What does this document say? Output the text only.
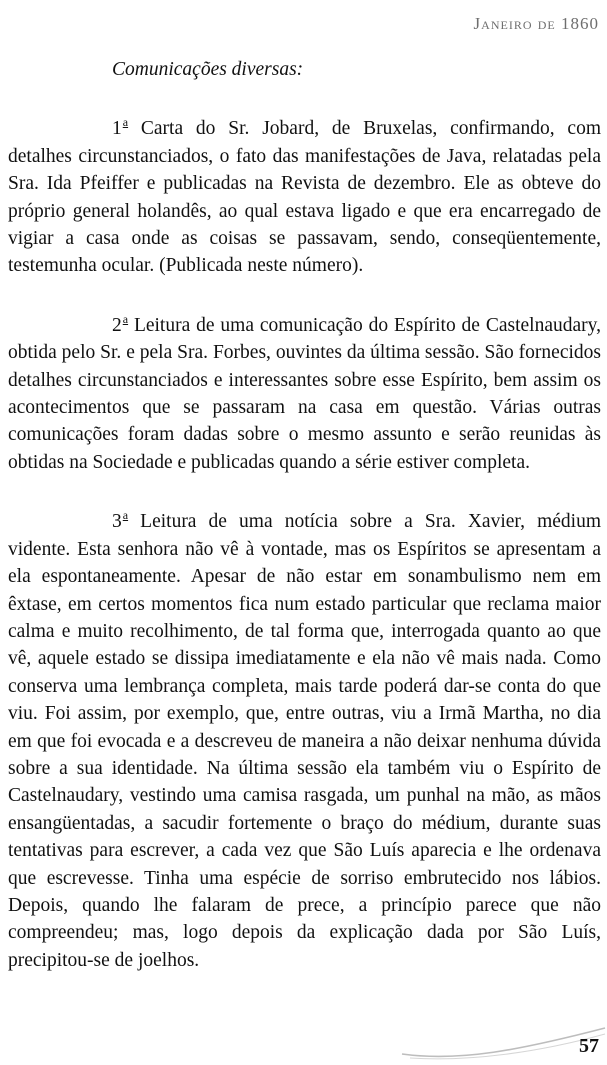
Janeiro de 1860

Comunicações diversas:

1$^a$ Carta do Sr. Jobard, de Bruxelas, confirmando, com detalhes circunstanciados, o fato das manifestações de Java, relatadas pela Sra. Ida Pfeiffer e publicadas na Revista de dezembro. Ele as obteve do próprio general holandês, ao qual estava ligado e que era encarregado de vigiar a casa onde as coisas se passavam, sendo, conseqüentemente, testemunha ocular. (Publicada neste número).

2$^a$ Leitura de uma comunicação do Espírito de Castelnaudary, obtida pelo Sr. e pela Sra. Forbes, ouvintes da última sessão. São fornecidos detalhes circunstanciados e interessantes sobre esse Espírito, bem assim os acontecimentos que se passaram na casa em questão. Várias outras comunicações foram dadas sobre o mesmo assunto e serão reunidas às obtidas na Sociedade e publicadas quando a série estiver completa.

3$^a$ Leitura de uma notícia sobre a Sra. Xavier, médium vidente. Esta senhora não vê à vontade, mas os Espíritos se apresentam a ela espontaneamente. Apesar de não estar em sonambulismo nem em êxtase, em certos momentos fica num estado particular que reclama maior calma e muito recolhimento, de tal forma que, interrogada quanto ao que vê, aquele estado se dissipa imediatamente e ela não vê mais nada. Como conserva uma lembrança completa, mais tarde poderá dar-se conta do que viu. Foi assim, por exemplo, que, entre outras, viu a Irmã Martha, no dia em que foi evocada e a descreveu de maneira a não deixar nenhuma dúvida sobre a sua identidade. Na última sessão ela também viu o Espírito de Castelnaudary, vestindo uma camisa rasgada, um punhal na mão, as mãos ensangüentadas, a sacudir fortemente o braço do médium, durante suas tentativas para escrever, a cada vez que São Luís aparecia e lhe ordenava que escrevesse. Tinha uma espécie de sorriso embrutecido nos lábios. Depois, quando lhe falaram de prece, a princípio parece que não compreendeu; mas, logo depois da explicação dada por São Luís, precipitou-se de joelhos.

57
